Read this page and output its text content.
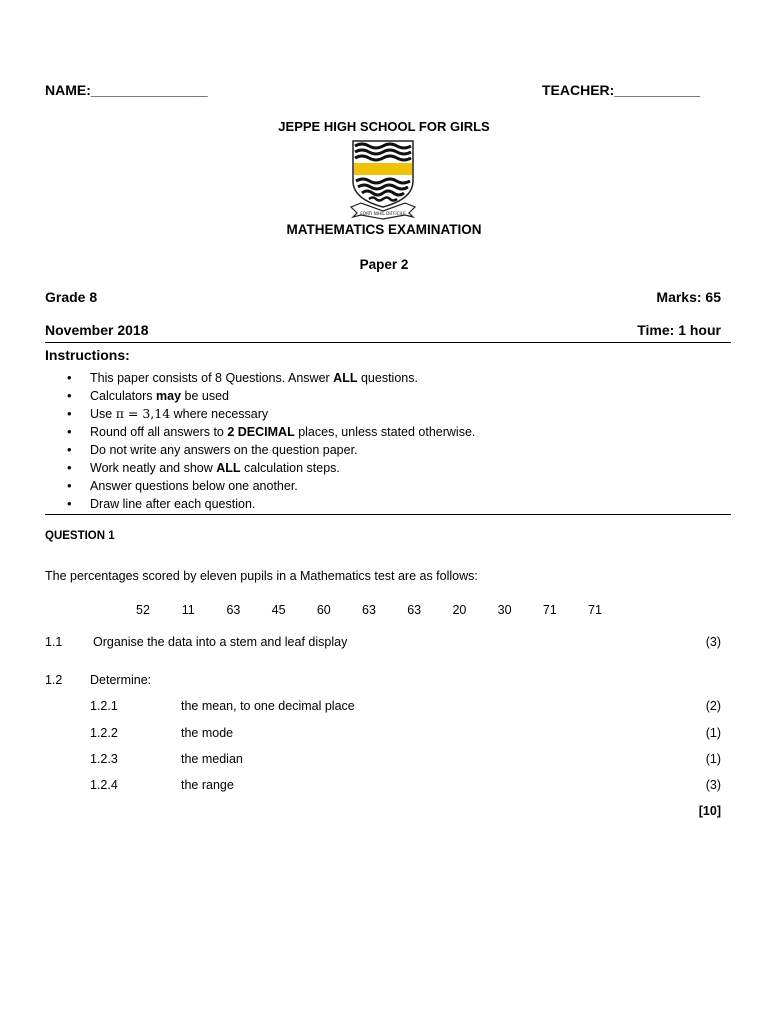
NAME:_______________	TEACHER:___________
JEPPE HIGH SCHOOL FOR GIRLS
FORTI NIHIL DIFFICILE
MATHEMATICS EXAMINATION
Paper 2
Grade 8	Marks: 65
November 2018	Time: 1 hour
Instructions:
• This paper consists of 8 Questions. Answer ALL questions.
• Calculators may be used
• Use π = 3,14 where necessary
• Round off all answers to 2 DECIMAL places, unless stated otherwise.
• Do not write any answers on the question paper.
• Work neatly and show ALL calculation steps.
• Answer questions below one another.
• Draw line after each question.
QUESTION 1
The percentages scored by eleven pupils in a Mathematics test are as follows:
52	11	63	45	60	63	63	20	30	71	71
1.1 Organise the data into a stem and leaf display	(3)
1.2 Determine:
1.2.1	the mean, to one decimal place	(2)
1.2.2	the mode	(1)
1.2.3	the median	(1)
1.2.4	the range	(3)
[10]
